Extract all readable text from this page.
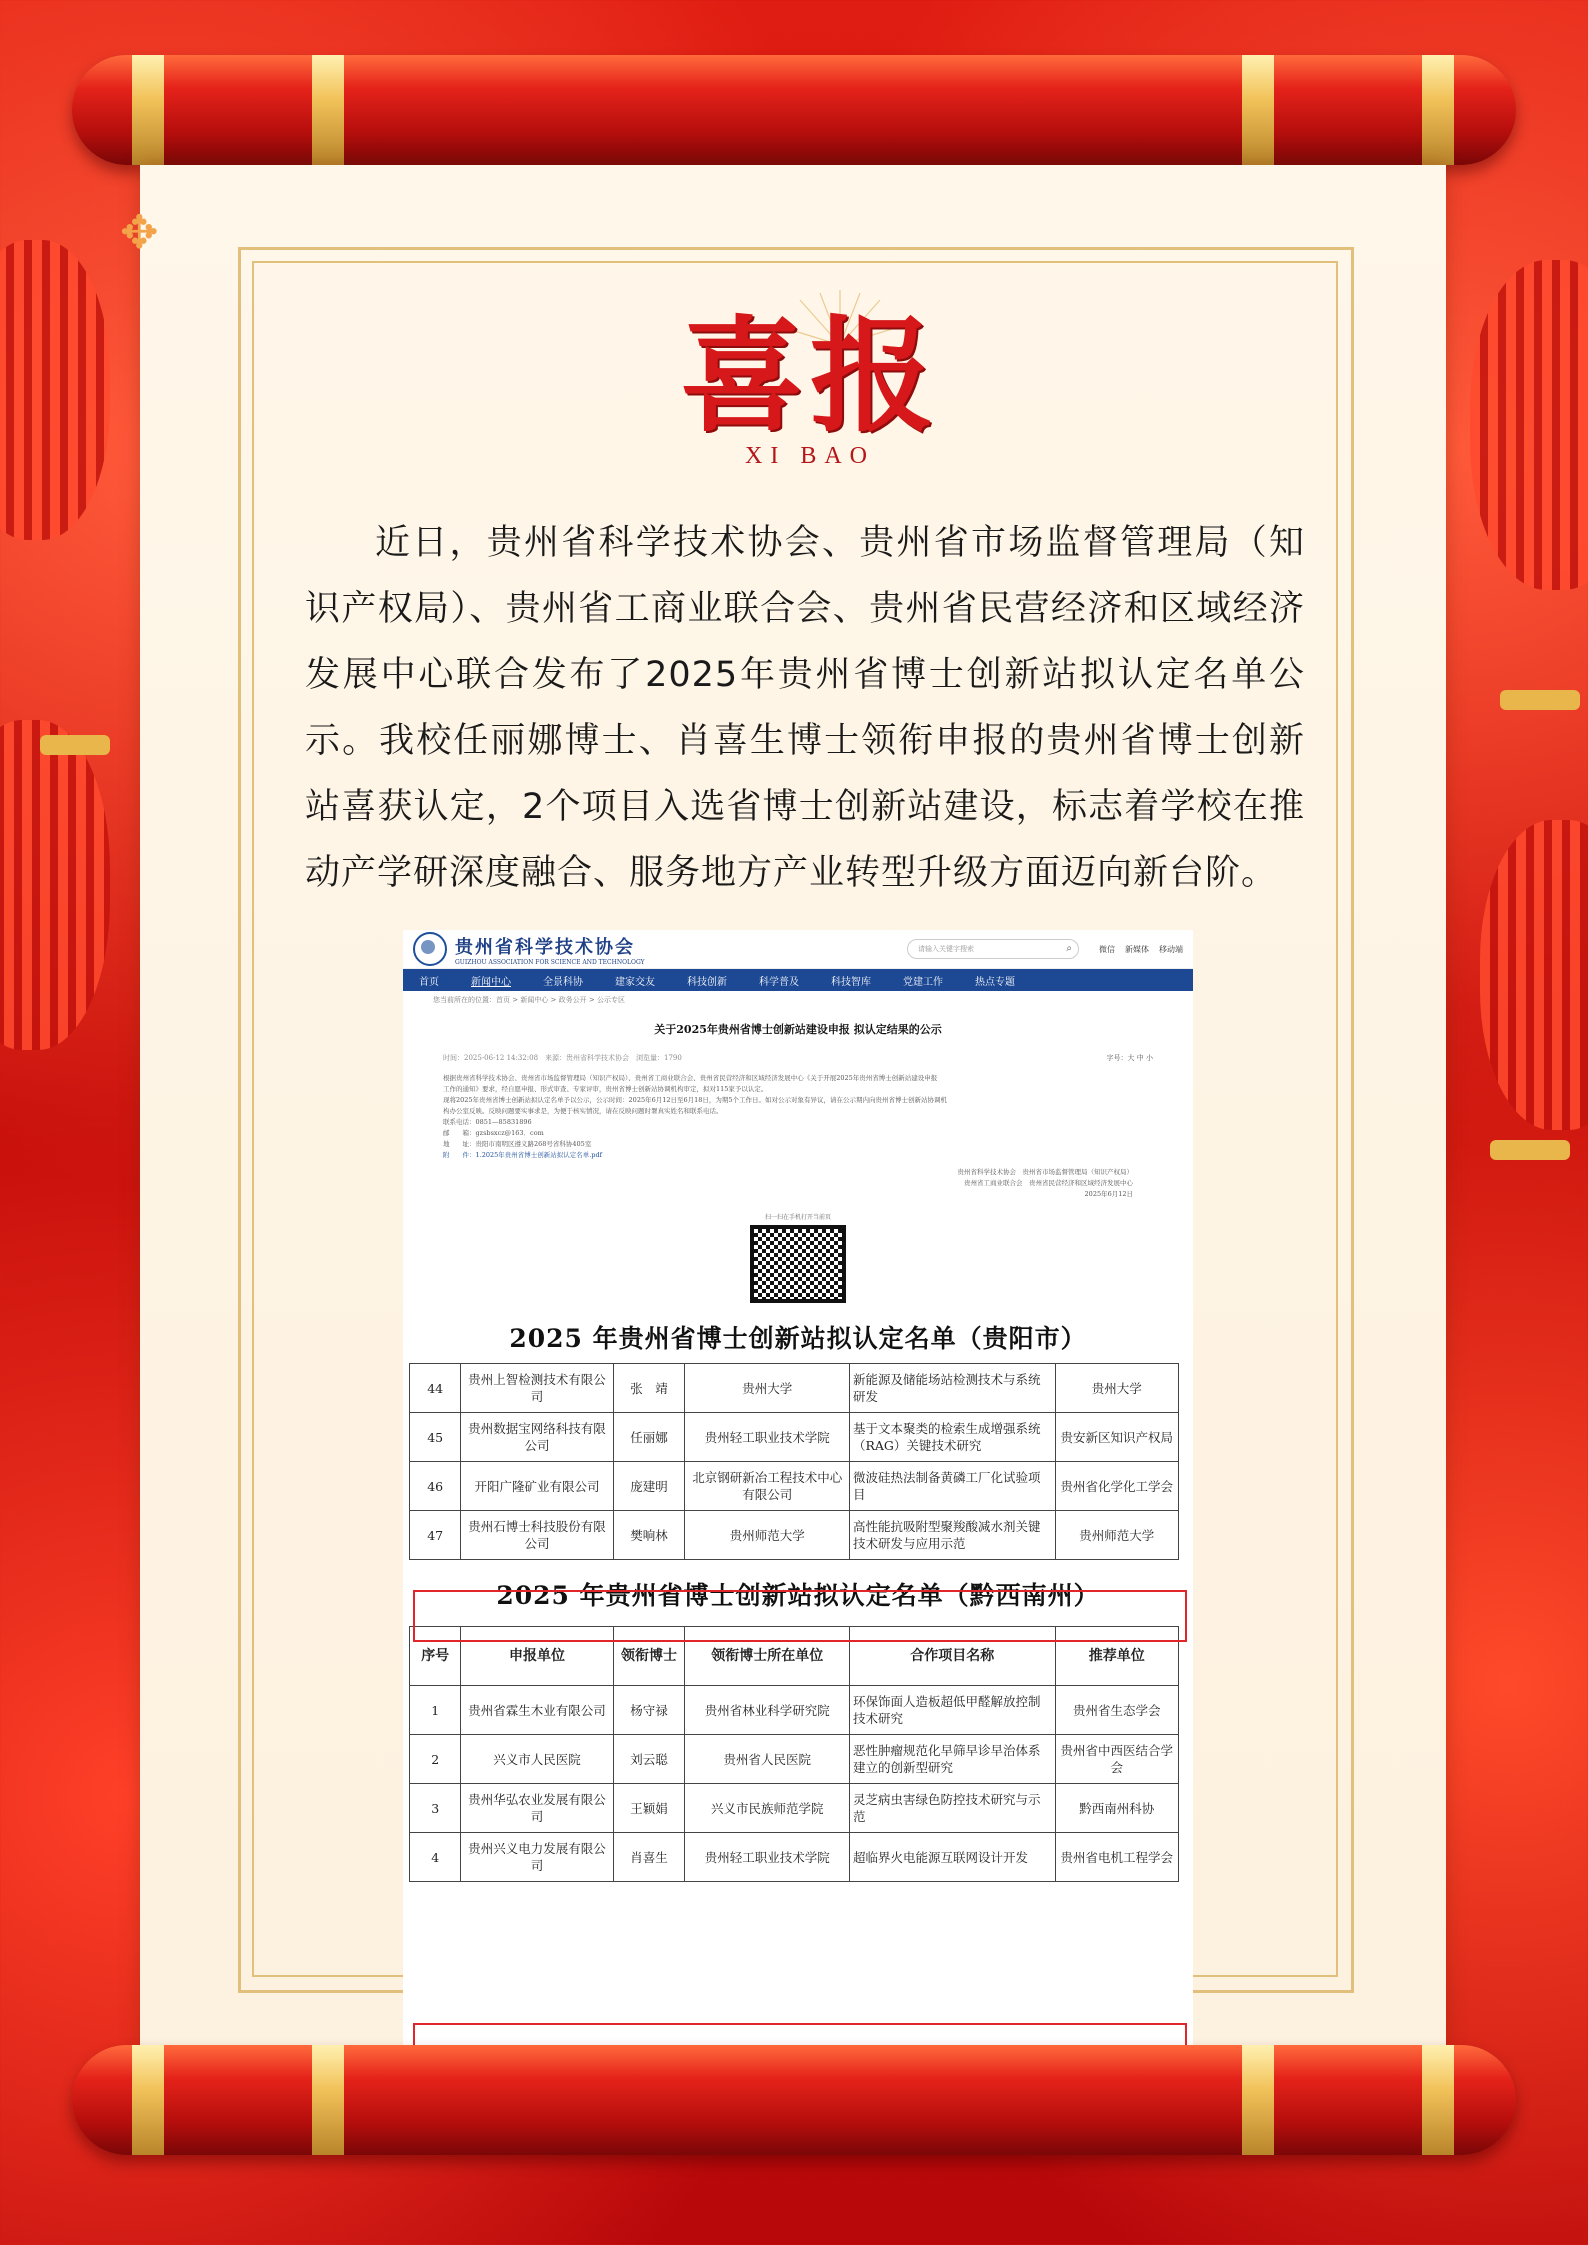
✥
喜报
XI BAO
近日，贵州省科学技术协会、贵州省市场监督管理局（知识产权局）、贵州省工商业联合会、贵州省民营经济和区域经济发展中心联合发布了2025年贵州省博士创新站拟认定名单公示。我校任丽娜博士、肖喜生博士领衔申报的贵州省博士创新站喜获认定，2个项目入选省博士创新站建设，标志着学校在推动产学研深度融合、服务地方产业转型升级方面迈向新台阶。
贵州省科学技术协会
GUIZHOU ASSOCIATION FOR SCIENCE AND TECHNOLOGY
请输入关键字搜索	⌕	微信 新媒体 移动端
首页	新闻中心	全景科协	建家交友	科技创新	科学普及	科技智库	党建工作	热点专题
您当前所在的位置：首页 > 新闻中心 > 政务公开 > 公示专区
关于2025年贵州省博士创新站建设申报 拟认定结果的公示
时间：2025-06-12 14:32:08　来源：贵州省科学技术协会　浏览量：1790	字号：大 中 小
根据贵州省科学技术协会、贵州省市场监督管理局（知识产权局）、贵州省工商业联合会、贵州省民营经济和区域经济发展中心《关于开展2025年贵州省博士创新站建设申报
工作的通知》要求，经自愿申报、形式审查、专家评审，贵州省博士创新站协调机构审定，拟对115家予以认定。
现将2025年贵州省博士创新站拟认定名单予以公示，公示时间：2025年6月12日至6月18日，为期5个工作日。如对公示对象有异议，请在公示期内向贵州省博士创新站协调机
构办公室反映。反映问题要实事求是，为便于核实情况，请在反映问题时署真实姓名和联系电话。
联系电话：0851—85831896
邮　　箱：gzsbsxcz@163．com
地　　址：贵阳市南明区遵义路268号省科协405室
附　　件：1.2025年贵州省博士创新站拟认定名单.pdf
贵州省科学技术协会　贵州省市场监督管理局（知识产权局）
贵州省工商业联合会　贵州省民营经济和区域经济发展中心
2025年6月12日
扫一扫在手机打开当前页
2025 年贵州省博士创新站拟认定名单（贵阳市）
44	贵州上智检测技术有限公司	张　靖	贵州大学	新能源及储能场站检测技术与系统研发	贵州大学
45	贵州数据宝网络科技有限公司	任丽娜	贵州轻工职业技术学院	基于文本聚类的检索生成增强系统（RAG）关键技术研究	贵安新区知识产权局
46	开阳广隆矿业有限公司	庞建明	北京钢研新冶工程技术中心有限公司	微波硅热法制备黄磷工厂化试验项目	贵州省化学化工学会
47	贵州石博士科技股份有限公司	樊响林	贵州师范大学	高性能抗吸附型聚羧酸减水剂关键技术研发与应用示范	贵州师范大学
2025 年贵州省博士创新站拟认定名单（黔西南州）
序号	申报单位	领衔博士	领衔博士所在单位	合作项目名称	推荐单位
1	贵州省霖生木业有限公司	杨守禄	贵州省林业科学研究院	环保饰面人造板超低甲醛解放控制技术研究	贵州省生态学会
2	兴义市人民医院	刘云聪	贵州省人民医院	恶性肿瘤规范化早筛早诊早治体系建立的创新型研究	贵州省中西医结合学会
3	贵州华弘农业发展有限公司	王颖娟	兴义市民族师范学院	灵芝病虫害绿色防控技术研究与示范	黔西南州科协
4	贵州兴义电力发展有限公司	肖喜生	贵州轻工职业技术学院	超临界火电能源互联网设计开发	贵州省电机工程学会
